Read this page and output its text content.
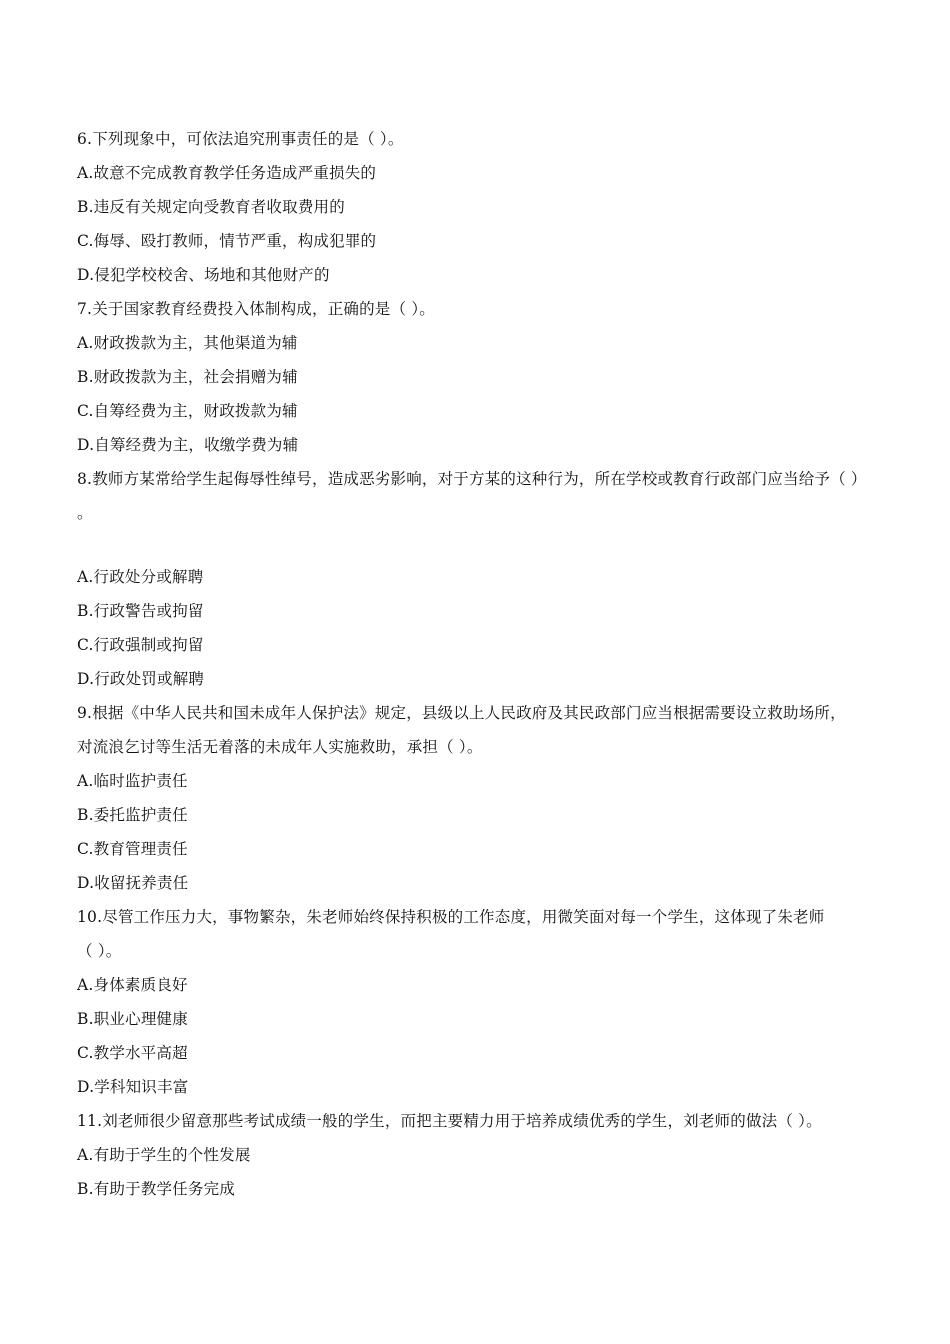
6.下列现象中，可依法追究刑事责任的是（ ）。
A.故意不完成教育教学任务造成严重损失的
B.违反有关规定向受教育者收取费用的
C.侮辱、殴打教师，情节严重，构成犯罪的
D.侵犯学校校舍、场地和其他财产的
7.关于国家教育经费投入体制构成，正确的是（ ）。
A.财政拨款为主，其他渠道为辅
B.财政拨款为主，社会捐赠为辅
C.自筹经费为主，财政拨款为辅
D.自筹经费为主，收缴学费为辅
8.教师方某常给学生起侮辱性绰号，造成恶劣影响，对于方某的这种行为，所在学校或教育行政部门应当给予（ ）
。
A.行政处分或解聘
B.行政警告或拘留
C.行政强制或拘留
D.行政处罚或解聘
9.根据《中华人民共和国未成年人保护法》规定，县级以上人民政府及其民政部门应当根据需要设立救助场所，
对流浪乞讨等生活无着落的未成年人实施救助，承担（ ）。
A.临时监护责任
B.委托监护责任
C.教育管理责任
D.收留抚养责任
10.尽管工作压力大，事物繁杂，朱老师始终保持积极的工作态度，用微笑面对每一个学生，这体现了朱老师
（ ）。
A.身体素质良好
B.职业心理健康
C.教学水平高超
D.学科知识丰富
11.刘老师很少留意那些考试成绩一般的学生，而把主要精力用于培养成绩优秀的学生，刘老师的做法（ ）。
A.有助于学生的个性发展
B.有助于教学任务完成
